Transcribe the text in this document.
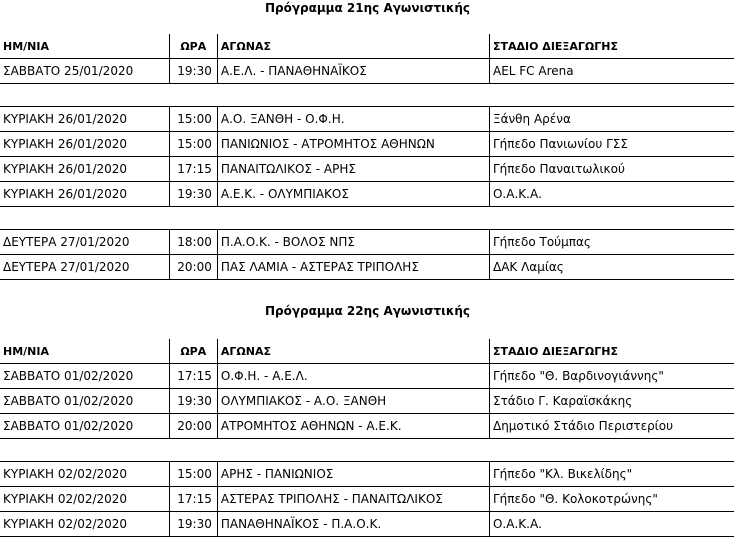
Πρόγραμμα 21ης Αγωνιστικής
ΗΜ/ΝΙΑ	ΩΡΑ	ΑΓΩΝΑΣ	ΣΤΑΔΙΟ ΔΙΕΞΑΓΩΓΗΣ
ΣΑΒΒΑΤΟ 25/01/2020	19:30	Α.Ε.Λ. - ΠΑΝΑΘΗΝΑΪΚΟΣ	AEL FC Arena

ΚΥΡΙΑΚΗ 26/01/2020	15:00	Α.Ο. ΞΑΝΘΗ - Ο.Φ.Η.	Ξάνθη Αρένα
ΚΥΡΙΑΚΗ 26/01/2020	15:00	ΠΑΝΙΩΝΙΟΣ - ΑΤΡΟΜΗΤΟΣ ΑΘΗΝΩΝ	Γήπεδο Πανιωνίου ΓΣΣ
ΚΥΡΙΑΚΗ 26/01/2020	17:15	ΠΑΝΑΙΤΩΛΙΚΟΣ - ΑΡΗΣ	Γήπεδο Παναιτωλικού
ΚΥΡΙΑΚΗ 26/01/2020	19:30	Α.Ε.Κ. - ΟΛΥΜΠΙΑΚΟΣ	Ο.Α.Κ.Α.

ΔΕΥΤΕΡΑ 27/01/2020	18:00	Π.Α.Ο.Κ. - ΒΟΛΟΣ ΝΠΣ	Γήπεδο Τούμπας
ΔΕΥΤΕΡΑ 27/01/2020	20:00	ΠΑΣ ΛΑΜΙΑ - ΑΣΤΕΡΑΣ ΤΡΙΠΟΛΗΣ	ΔΑΚ Λαμίας
Πρόγραμμα 22ης Αγωνιστικής
ΗΜ/ΝΙΑ	ΩΡΑ	ΑΓΩΝΑΣ	ΣΤΑΔΙΟ ΔΙΕΞΑΓΩΓΗΣ
ΣΑΒΒΑΤΟ 01/02/2020	17:15	Ο.Φ.Η. - Α.Ε.Λ.	Γήπεδο "Θ. Βαρδινογιάννης"
ΣΑΒΒΑΤΟ 01/02/2020	19:30	ΟΛΥΜΠΙΑΚΟΣ - Α.Ο. ΞΑΝΘΗ	Στάδιο Γ. Καραϊσκάκης
ΣΑΒΒΑΤΟ 01/02/2020	20:00	ΑΤΡΟΜΗΤΟΣ ΑΘΗΝΩΝ - Α.Ε.Κ.	Δημοτικό Στάδιο Περιστερίου

ΚΥΡΙΑΚΗ 02/02/2020	15:00	ΑΡΗΣ - ΠΑΝΙΩΝΙΟΣ	Γήπεδο "Κλ. Βικελίδης"
ΚΥΡΙΑΚΗ 02/02/2020	17:15	ΑΣΤΕΡΑΣ ΤΡΙΠΟΛΗΣ - ΠΑΝΑΙΤΩΛΙΚΟΣ	Γήπεδο "Θ. Κολοκοτρώνης"
ΚΥΡΙΑΚΗ 02/02/2020	19:30	ΠΑΝΑΘΗΝΑΪΚΟΣ - Π.Α.Ο.Κ.	Ο.Α.Κ.Α.
